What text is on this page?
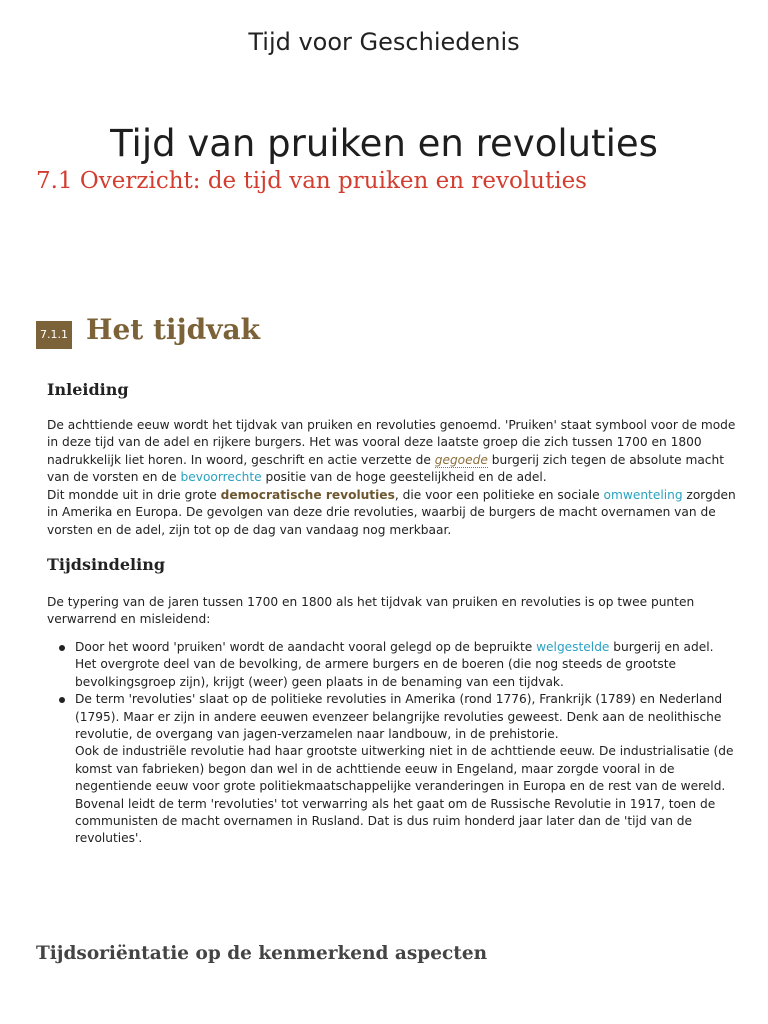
Tijd voor Geschiedenis
Tijd van pruiken en revoluties
7.1 Overzicht: de tijd van pruiken en revoluties
7.1.1 Het tijdvak
Inleiding

De achttiende eeuw wordt het tijdvak van pruiken en revoluties genoemd. 'Pruiken' staat symbool voor de mode in deze tijd van de adel en rijkere burgers. Het was vooral deze laatste groep die zich tussen 1700 en 1800 nadrukkelijk liet horen. In woord, geschrift en actie verzette de gegoede burgerij zich tegen de absolute macht van de vorsten en de bevoorrechte positie van de hoge geestelijkheid en de adel.

Dit mondde uit in drie grote democratische revoluties, die voor een politieke en sociale omwenteling zorgden in Amerika en Europa. De gevolgen van deze drie revoluties, waarbij de burgers de macht overnamen van de vorsten en de adel, zijn tot op de dag van vandaag nog merkbaar.

Tijdsindeling

De typering van de jaren tussen 1700 en 1800 als het tijdvak van pruiken en revoluties is op twee punten verwarrend en misleidend:

Door het woord 'pruiken' wordt de aandacht vooral gelegd op de bepruikte welgestelde burgerij en adel. Het overgrote deel van de bevolking, de armere burgers en de boeren (die nog steeds de grootste bevolkingsgroep zijn), krijgt (weer) geen plaats in de benaming van een tijdvak.
De term 'revoluties' slaat op de politieke revoluties in Amerika (rond 1776), Frankrijk (1789) en Nederland (1795). Maar er zijn in andere eeuwen evenzeer belangrijke revoluties geweest. Denk aan de neolithische revolutie, de overgang van jagen-verzamelen naar landbouw, in de prehistorie.
Ook de industriële revolutie had haar grootste uitwerking niet in de achttiende eeuw. De industrialisatie (de komst van fabrieken) begon dan wel in de achttiende eeuw in Engeland, maar zorgde vooral in de negentiende eeuw voor grote politiekmaatschappelijke veranderingen in Europa en de rest van de wereld. Bovenal leidt de term 'revoluties' tot verwarring als het gaat om de Russische Revolutie in 1917, toen de communisten de macht overnamen in Rusland. Dat is dus ruim honderd jaar later dan de 'tijd van de revoluties'.
Tijdsoriëntatie op de kenmerkend aspecten
